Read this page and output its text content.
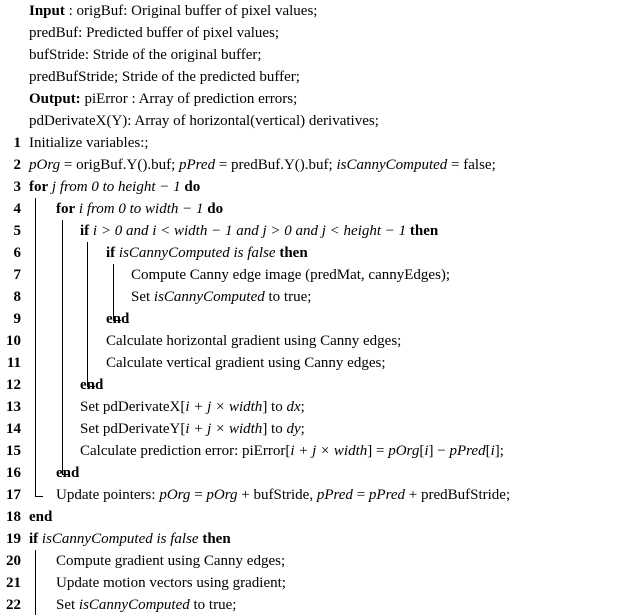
Input : origBuf: Original buffer of pixel values;
predBuf: Predicted buffer of pixel values;
bufStride: Stride of the original buffer;
predBufStride; Stride of the predicted buffer;
Output: piError : Array of prediction errors;
pdDerivateX(Y): Array of horizontal(vertical) derivatives;
1 Initialize variables:;
2 pOrg = origBuf.Y().buf; pPred = predBuf.Y().buf; isCannyComputed = false;
3 for j from 0 to height − 1 do
4 for i from 0 to width − 1 do
5	if i > 0 and i < width − 1 and j > 0 and j < height − 1 then
6	if isCannyComputed is false then
7	Compute Canny edge image (predMat, cannyEdges);
8	Set isCannyComputed to true;
9	end
10	Calculate horizontal gradient using Canny edges;
11	Calculate vertical gradient using Canny edges;
12	end
13	Set pdDerivateX[i + j × width] to dx;
14	Set pdDerivateY[i + j × width] to dy;
15	Calculate prediction error: piError[i + j × width] = pOrg[i] − pPred[i];
16 end
17 Update pointers: pOrg = pOrg + bufStride, pPred = pPred + predBufStride;
18 end
19 if isCannyComputed is false then
20 Compute gradient using Canny edges;
21 Update motion vectors using gradient;
22 Set isCannyComputed to true;
